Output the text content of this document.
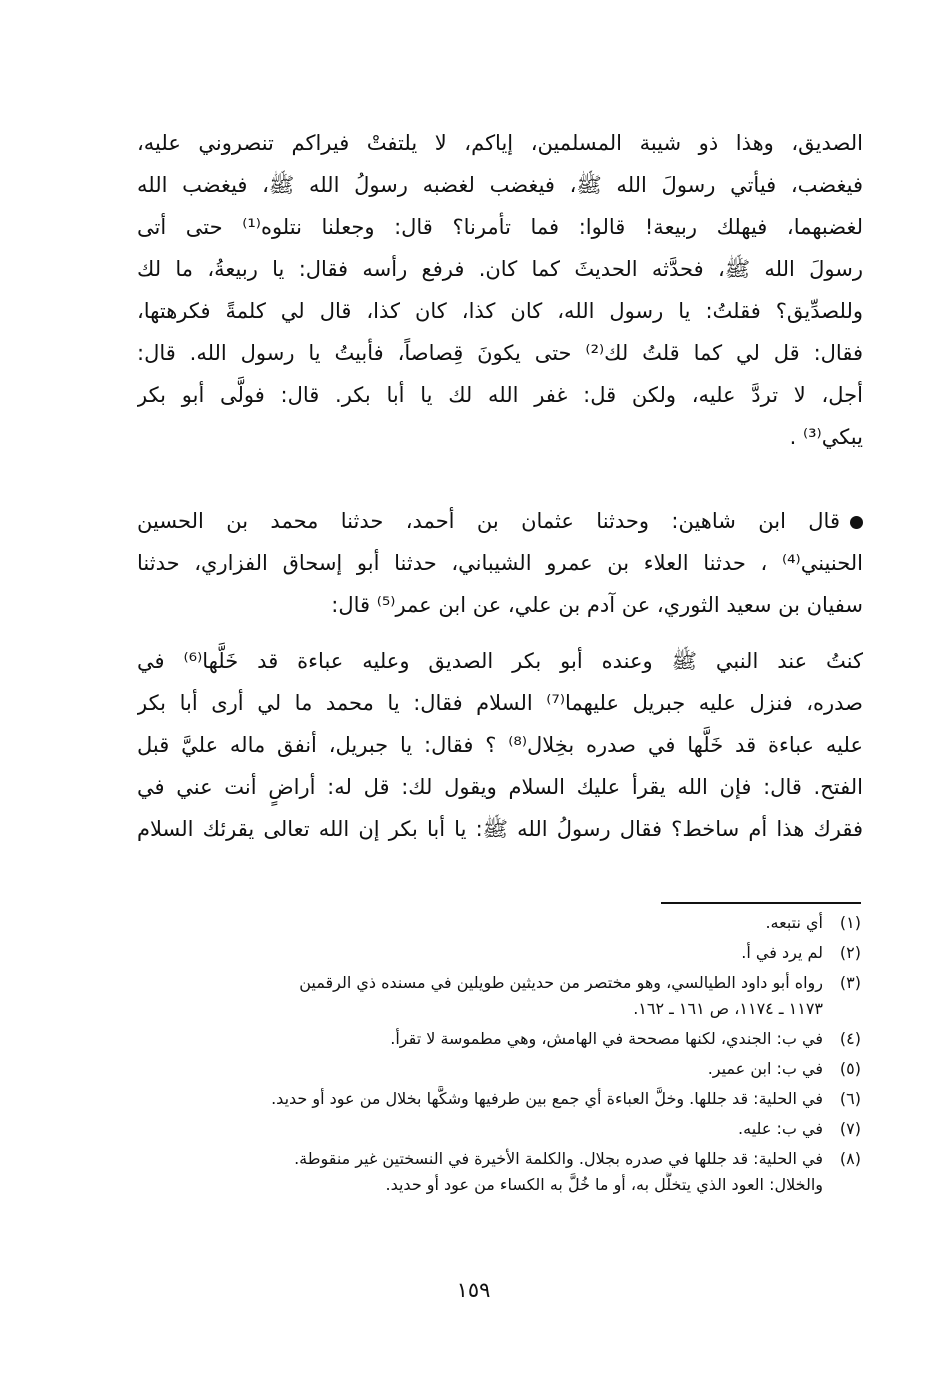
الصديق، وهذا ذو شيبة المسلمين، إياكم، لا يلتفتْ فيراكم تنصروني عليه،
فيغضب، فيأتي رسولَ الله ﷺ، فيغضب لغضبه رسولُ الله ﷺ، فيغضب الله
لغضبهما، فيهلك ربيعة! قالوا: فما تأمرنا؟ قال: وجعلنا نتلوه⁽¹⁾ حتى أتى
رسولَ الله ﷺ، فحدَّثه الحديثَ كما كان. فرفع رأسه فقال: يا ربيعةُ، ما لك
وللصدِّيق؟ فقلتُ: يا رسول الله، كان كذا، كان كذا، قال لي كلمةً فكرهتها،
فقال: قل لي كما قلتُ لك⁽²⁾ حتى يكونَ قِصاصاً، فأبيتُ يا رسول الله. قال:
أجل، لا تردَّ عليه، ولكن قل: غفر الله لك يا أبا بكر. قال: فولَّى أبو بكر
يبكي⁽³⁾ .
قال ابن شاهين: وحدثنا عثمان بن أحمد، حدثنا محمد بن الحسين
الحنيني⁽⁴⁾ ، حدثنا العلاء بن عمرو الشيباني، حدثنا أبو إسحاق الفزاري، حدثنا
سفيان بن سعيد الثوري، عن آدم بن علي، عن ابن عمر⁽⁵⁾ قال:
كنتُ عند النبي ﷺ وعنده أبو بكر الصديق وعليه عباءة قد خَلَّها⁽⁶⁾ في
صدره، فنزل عليه جبريل عليهما⁽⁷⁾ السلام فقال: يا محمد ما لي أرى أبا بكر
عليه عباءة قد خَلَّها في صدره بخِلال⁽⁸⁾ ؟ فقال: يا جبريل، أنفق ماله عليَّ قبل
الفتح. قال: فإن الله يقرأ عليك السلام ويقول لك: قل له: أراضٍ أنت عني في
فقرك هذا أم ساخط؟ فقال رسولُ الله ﷺ: يا أبا بكر إن الله تعالى يقرئك السلام
(١)
أي نتبعه.
(٢)
لم يرد في أ.
(٣)
رواه أبو داود الطيالسي، وهو مختصر من حديثين طويلين في مسنده ذي الرقمين
١١٧٣ ـ ١١٧٤، ص ١٦١ ـ ١٦٢.
(٤)
في ب: الجندي، لكنها مصححة في الهامش، وهي مطموسة لا تقرأ.
(٥)
في ب: ابن عمير.
(٦)
في الحلية: قد جللها. وخلَّ العباءة أي جمع بين طرفيها وشكَّها بخلال من عود أو حديد.
(٧)
في ب: عليه.
(٨)
في الحلية: قد جللها في صدره بجلال. والكلمة الأخيرة في النسختين غير منقوطة.
والخلال: العود الذي يتخلَّل به، أو ما خُلَّ به الكساء من عود أو حديد.
١٥٩
